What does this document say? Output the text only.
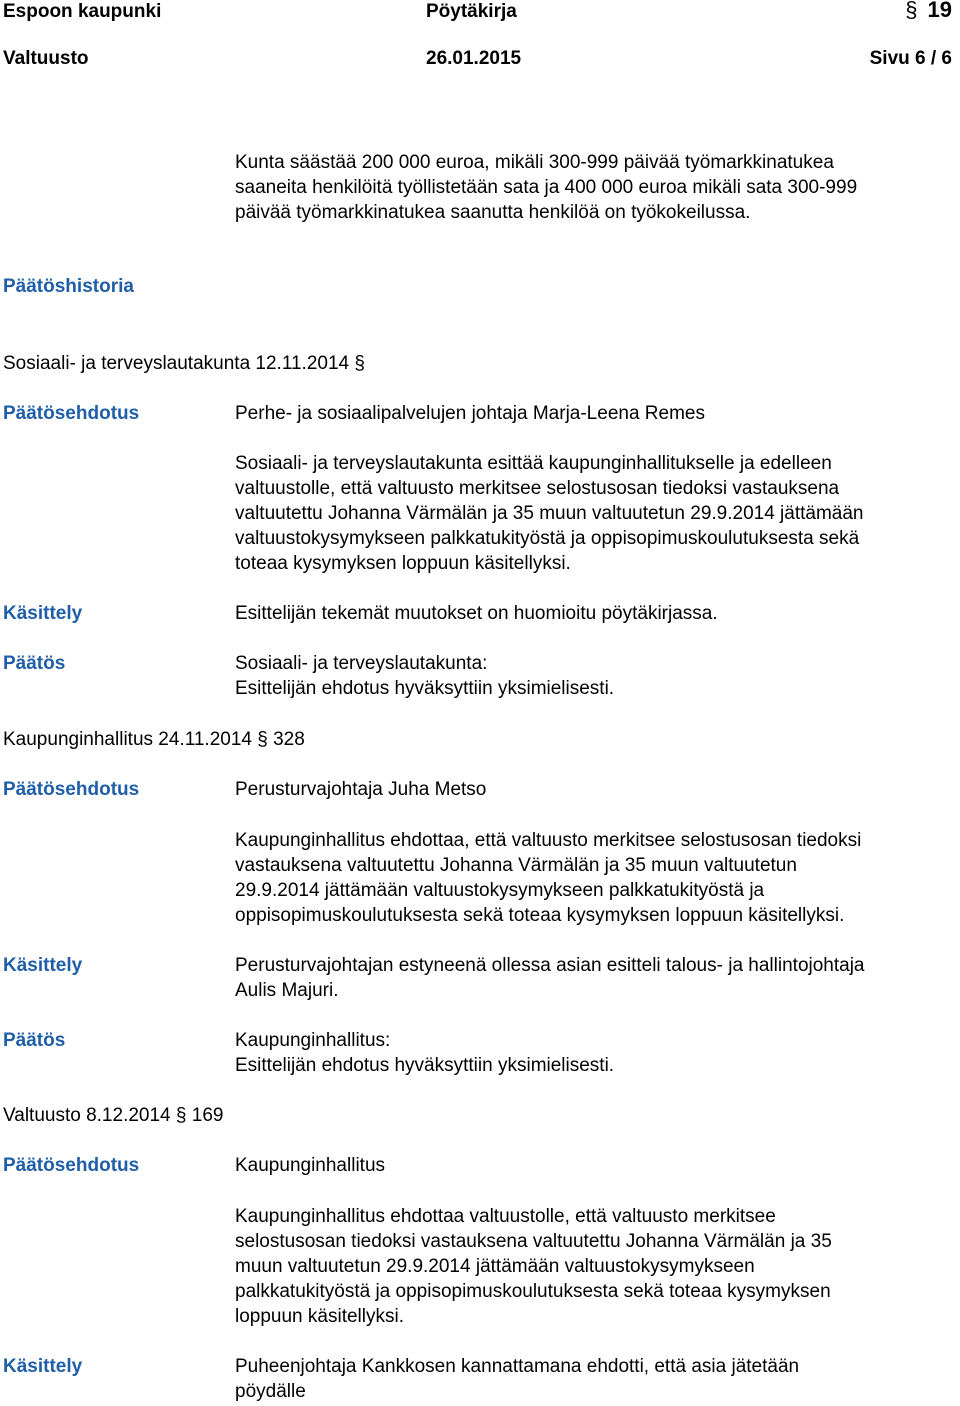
Espoon kaupunki	Pöytäkirja	§ 19
Valtuusto	26.01.2015	Sivu 6 / 6
Kunta säästää 200 000 euroa, mikäli 300-999 päivää työmarkkinatukea
saaneita henkilöitä työllistetään sata ja 400 000 euroa mikäli sata 300-999
päivää työmarkkinatukea saanutta henkilöä on työkokeilussa.
Päätöshistoria
Sosiaali- ja terveyslautakunta 12.11.2014 §
Päätösehdotus	Perhe- ja sosiaalipalvelujen johtaja Marja-Leena Remes
Sosiaali- ja terveyslautakunta esittää kaupunginhallitukselle ja edelleen
valtuustolle, että valtuusto merkitsee selostusosan tiedoksi vastauksena
valtuutettu Johanna Värmälän ja 35 muun valtuutetun 29.9.2014 jättämään
valtuustokysymykseen palkkatukityöstä ja oppisopimuskoulutuksesta sekä
toteaa kysymyksen loppuun käsitellyksi.
Käsittely	Esittelijän tekemät muutokset on huomioitu pöytäkirjassa.
Päätös	Sosiaali- ja terveyslautakunta:
Esittelijän ehdotus hyväksyttiin yksimielisesti.
Kaupunginhallitus 24.11.2014 § 328
Päätösehdotus	Perusturvajohtaja Juha Metso
Kaupunginhallitus ehdottaa, että valtuusto merkitsee selostusosan tiedoksi
vastauksena valtuutettu Johanna Värmälän ja 35 muun valtuutetun
29.9.2014 jättämään valtuustokysymykseen palkkatukityöstä ja
oppisopimuskoulutuksesta sekä toteaa kysymyksen loppuun käsitellyksi.
Käsittely	Perusturvajohtajan estyneenä ollessa asian esitteli talous- ja hallintojohtaja
Aulis Majuri.
Päätös	Kaupunginhallitus:
Esittelijän ehdotus hyväksyttiin yksimielisesti.
Valtuusto 8.12.2014 § 169
Päätösehdotus	Kaupunginhallitus
Kaupunginhallitus ehdottaa valtuustolle, että valtuusto merkitsee
selostusosan tiedoksi vastauksena valtuutettu Johanna Värmälän ja 35
muun valtuutetun 29.9.2014 jättämään valtuustokysymykseen
palkkatukityöstä ja oppisopimuskoulutuksesta sekä toteaa kysymyksen
loppuun käsitellyksi.
Käsittely	Puheenjohtaja Kankkosen kannattamana ehdotti, että asia jätetään
pöydälle
